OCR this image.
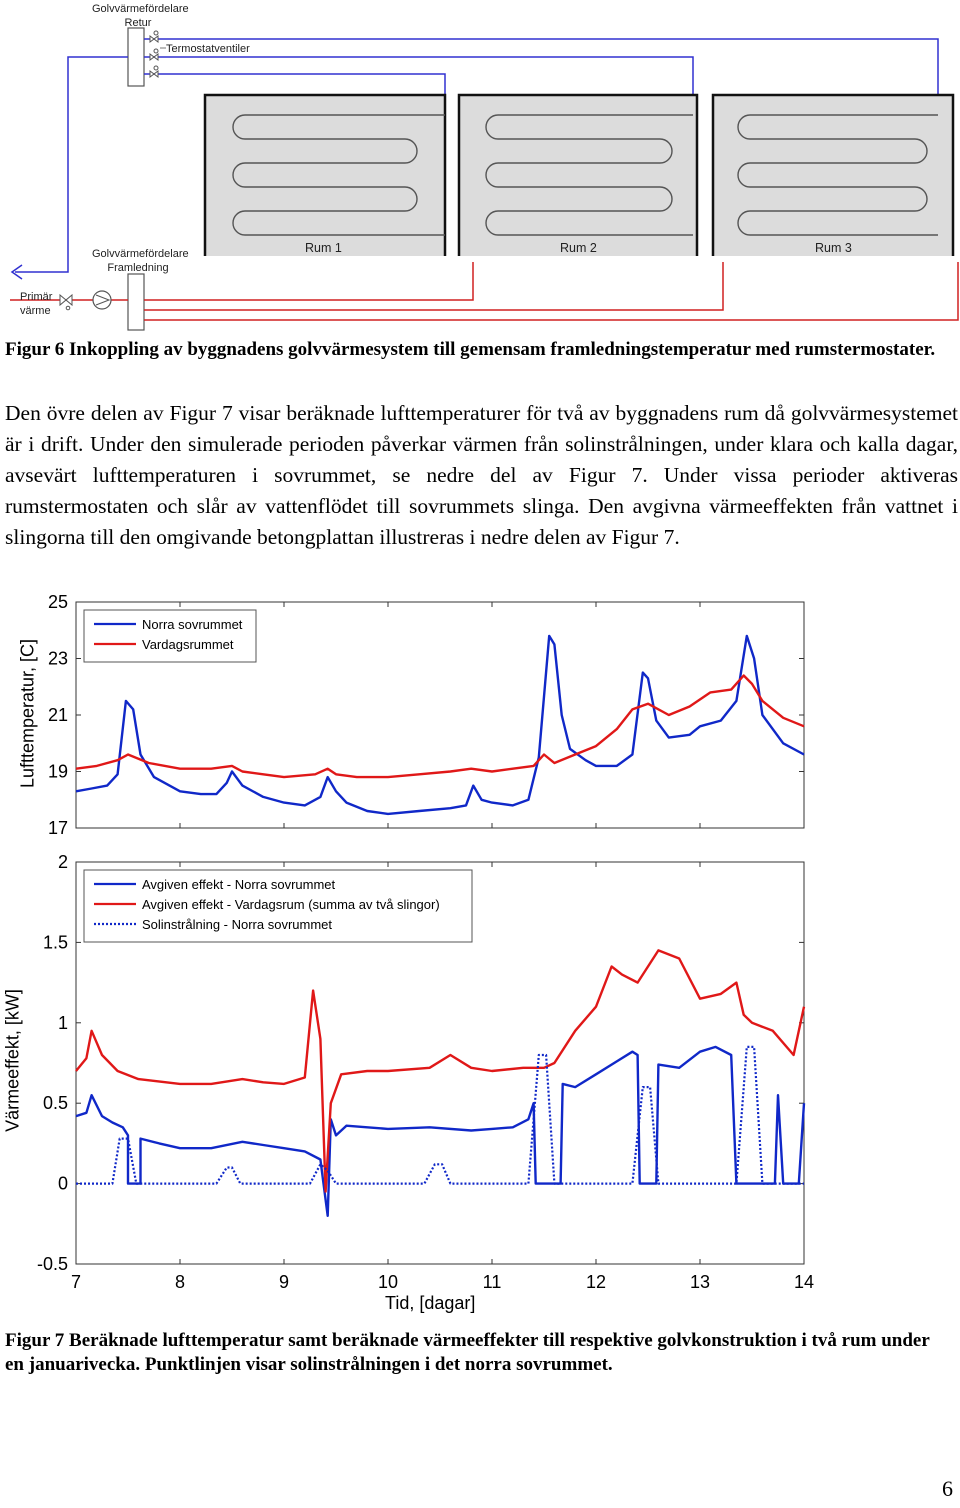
Golvvärmefördelare
Retur
Termostatventiler
Golvvärmefördelare
Framledning
Primär
värme
Rum 1	Rum 2	Rum 3
Figur 6 Inkoppling av byggnadens golvvärmesystem till gemensam framledningstemperatur med rumstermostater.
Den övre delen av Figur 7 visar beräknade lufttemperaturer för två av byggnadens rum då golvvärmesystemet är i drift. Under den simulerade perioden påverkar värmen från solinstrålningen, under klara och kalla dagar, avsevärt lufttemperaturen i sovrummet, se nedre del av Figur 7. Under vissa perioder aktiveras rumstermostaten och slår av vattenflödet till sovrummets slinga. Den avgivna värmeeffekten från vattnet i slingorna till den omgivande betongplattan illustreras i nedre delen av Figur 7.
Lufttemperatur, [C]
25
23
21
19
17
Norra sovrummet
Vardagsrummet
Värmeeffekt, [kW]
2
1.5
1
0.5
0
-0.5
7	8	9	10	11	12	13	14
Avgiven effekt - Norra sovrummet
Avgiven effekt - Vardagsrum (summa av två slingor)
Solinstrålning - Norra sovrummet
Tid, [dagar]
Figur 7 Beräknade lufttemperatur samt beräknade värmeeffekter till respektive golvkonstruktion i två rum under en januarivecka. Punktlinjen visar solinstrålningen i det norra sovrummet.
6
